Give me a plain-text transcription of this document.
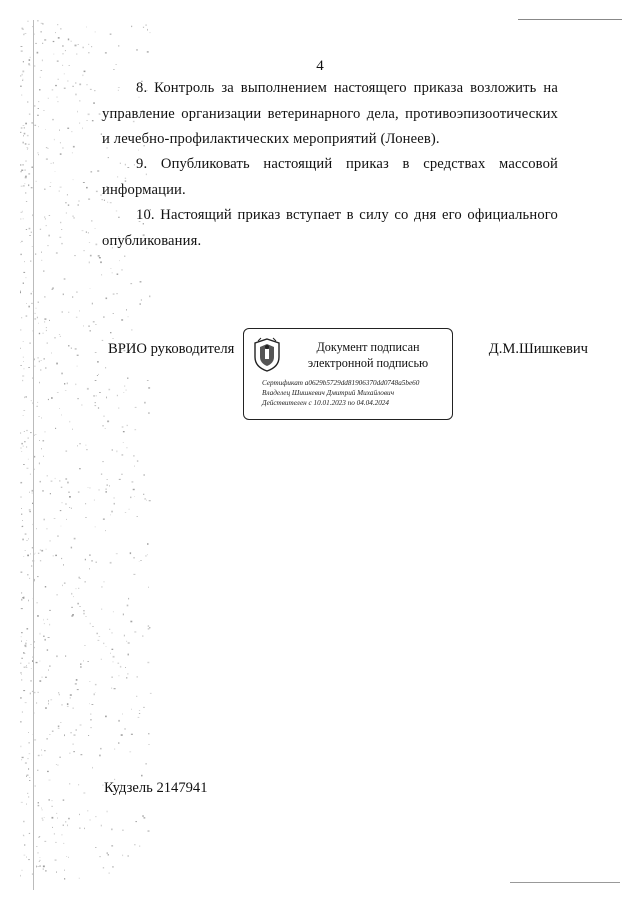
4
8. Контроль за выполнением настоящего приказа возложить на управление организации ветеринарного дела, противоэпизоотических и лечебно-профилактических мероприятий (Лонеев).
9. Опубликовать настоящий приказ в средствах массовой информации.
10. Настоящий приказ вступает в силу со дня его официального опубликования.
ВРИО руководителя	Документ подписан
электронной подписью
Сертификат a0629b5729dd81906370dd0748a5be60
Владелец Шишкевич Дмитрий Михайлович
Действителен с 10.01.2023 по 04.04.2024
Д.М.Шишкевич
Кудзель 2147941
